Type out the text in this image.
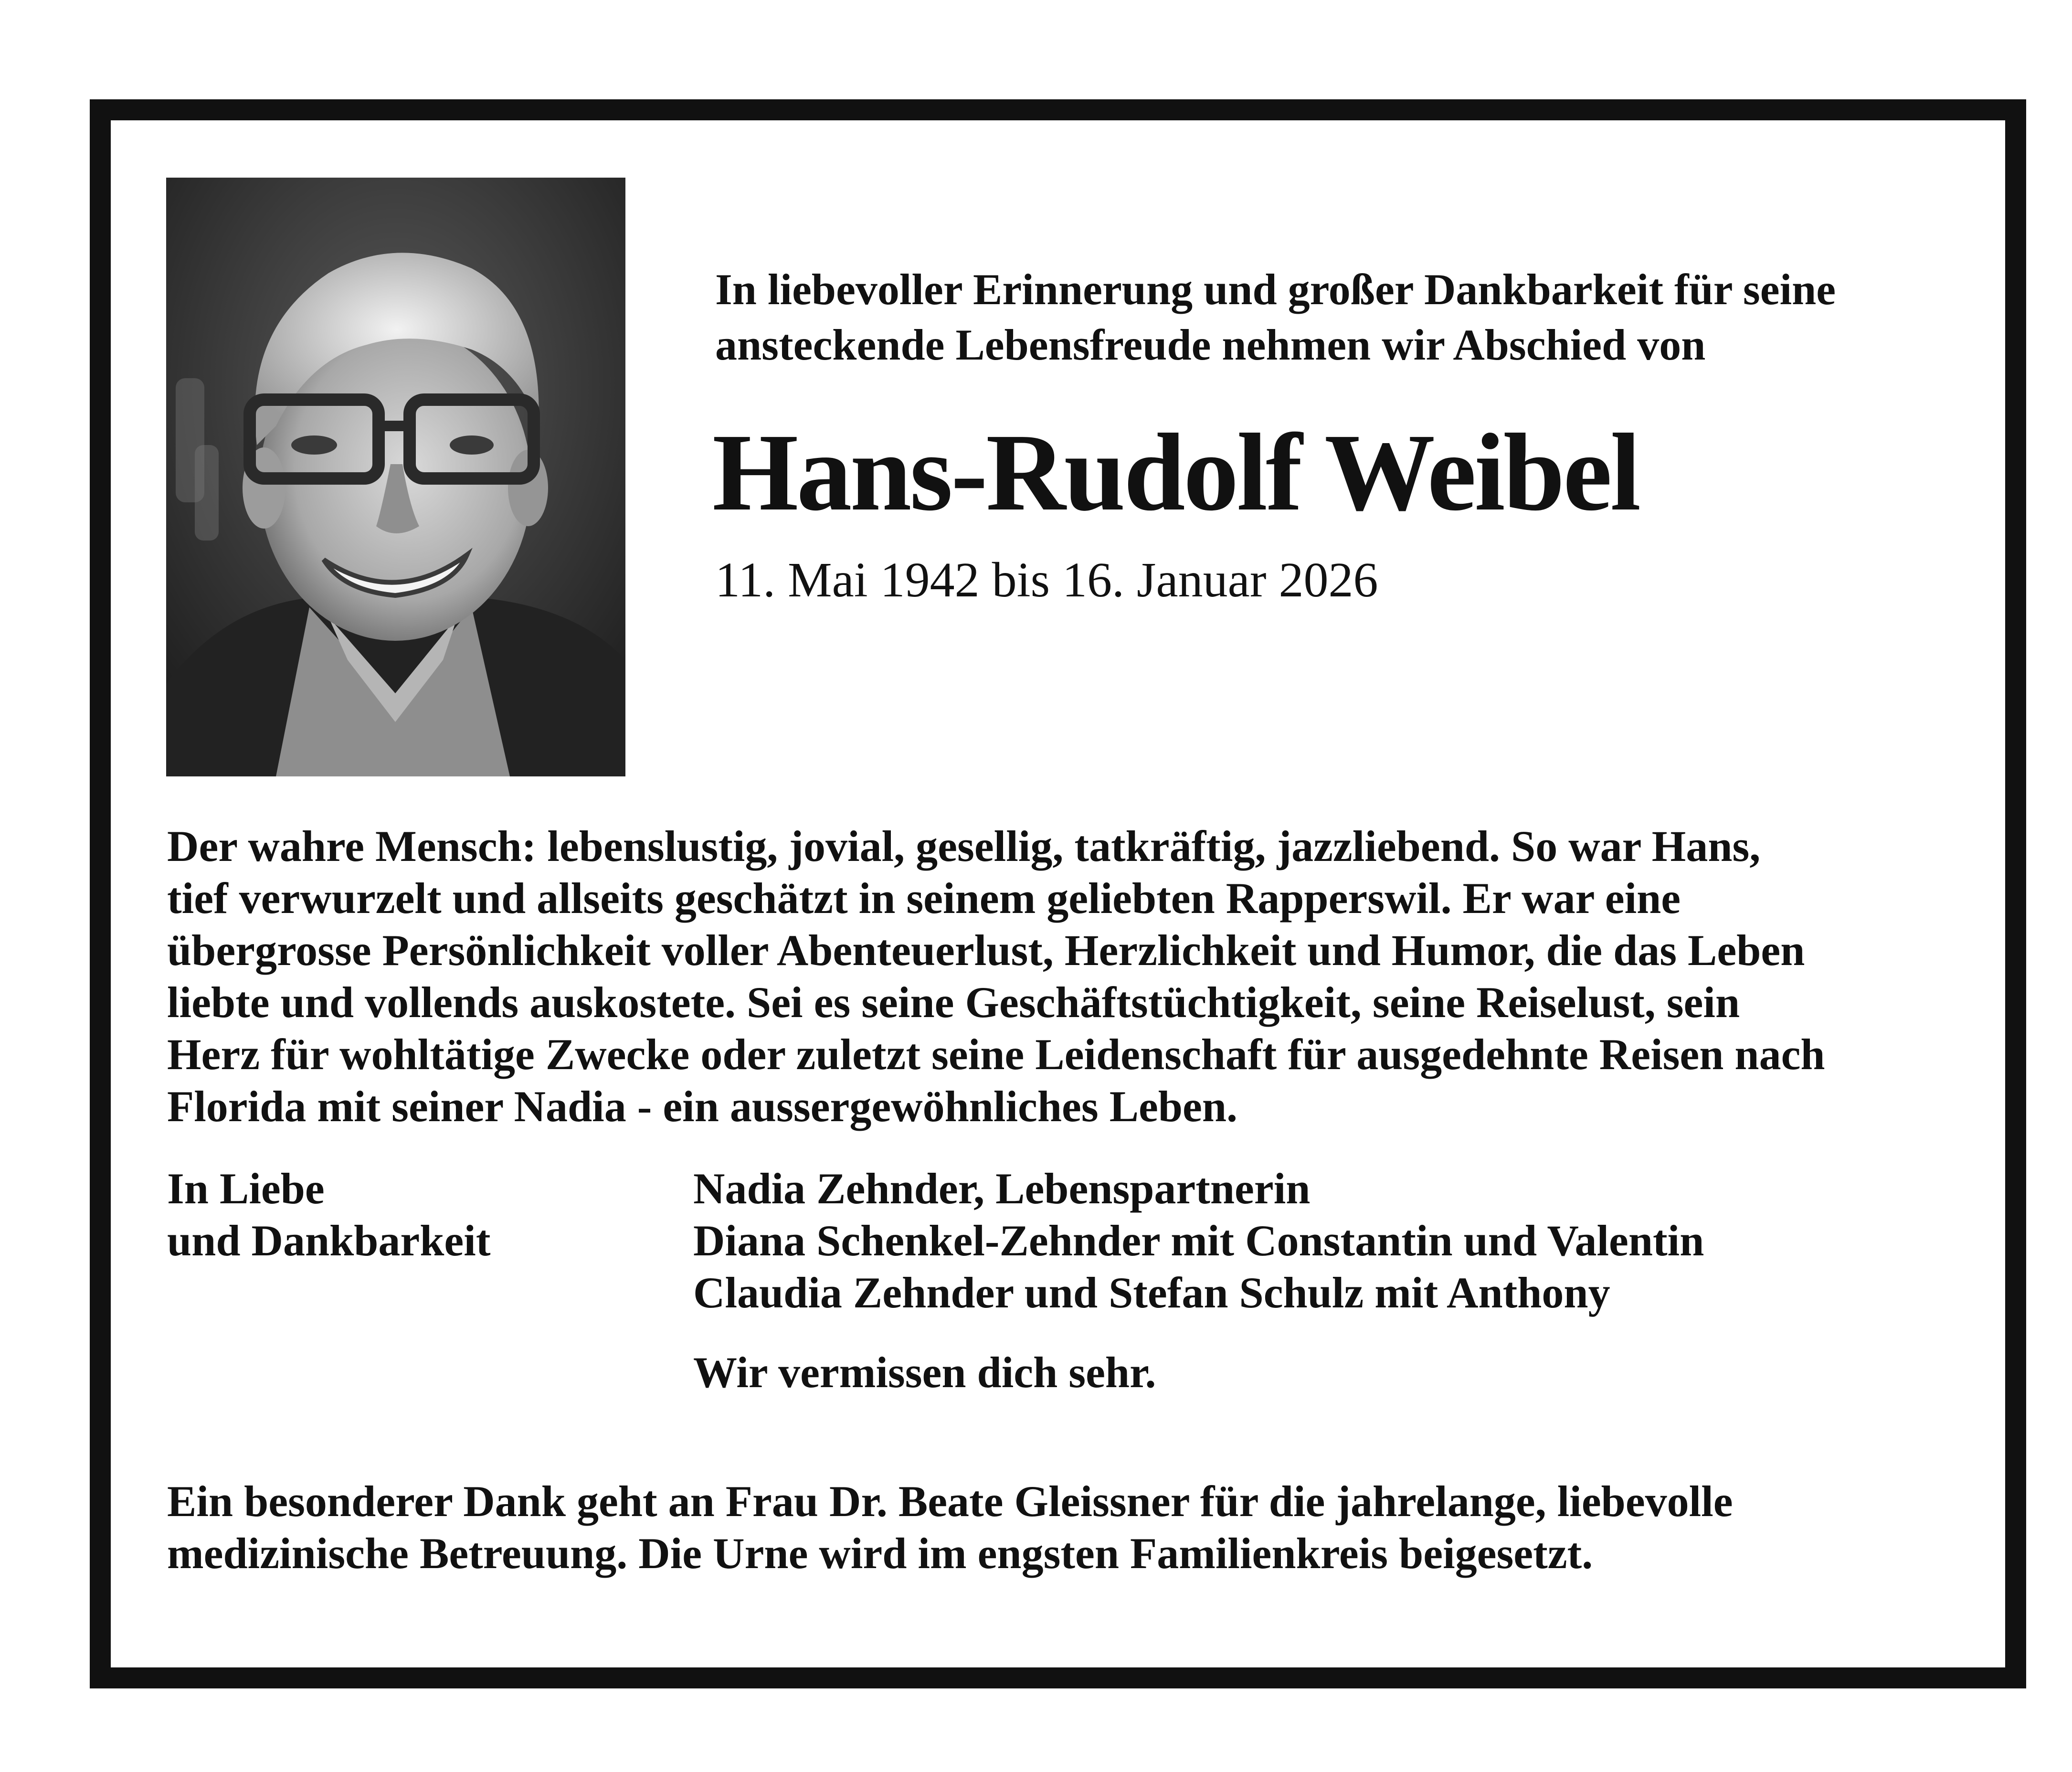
In liebevoller Erinnerung und großer Dankbarkeit für seine
ansteckende Lebensfreude nehmen wir Abschied von
Hans-Rudolf Weibel
11. Mai 1942 bis 16. Januar 2026
Der wahre Mensch: lebenslustig, jovial, gesellig, tatkräftig, jazzliebend. So war Hans,
tief verwurzelt und allseits geschätzt in seinem geliebten Rapperswil. Er war eine
übergrosse Persönlichkeit voller Abenteuerlust, Herzlichkeit und Humor, die das Leben
liebte und vollends auskostete. Sei es seine Geschäftstüchtigkeit, seine Reiselust, sein
Herz für wohltätige Zwecke oder zuletzt seine Leidenschaft für ausgedehnte Reisen nach
Florida mit seiner Nadia - ein aussergewöhnliches Leben.
In Liebe
und Dankbarkeit
Nadia Zehnder, Lebenspartnerin
Diana Schenkel-Zehnder mit Constantin und Valentin
Claudia Zehnder und Stefan Schulz mit Anthony
Wir vermissen dich sehr.
Ein besonderer Dank geht an Frau Dr. Beate Gleissner für die jahrelange, liebevolle
medizinische Betreuung. Die Urne wird im engsten Familienkreis beigesetzt.
